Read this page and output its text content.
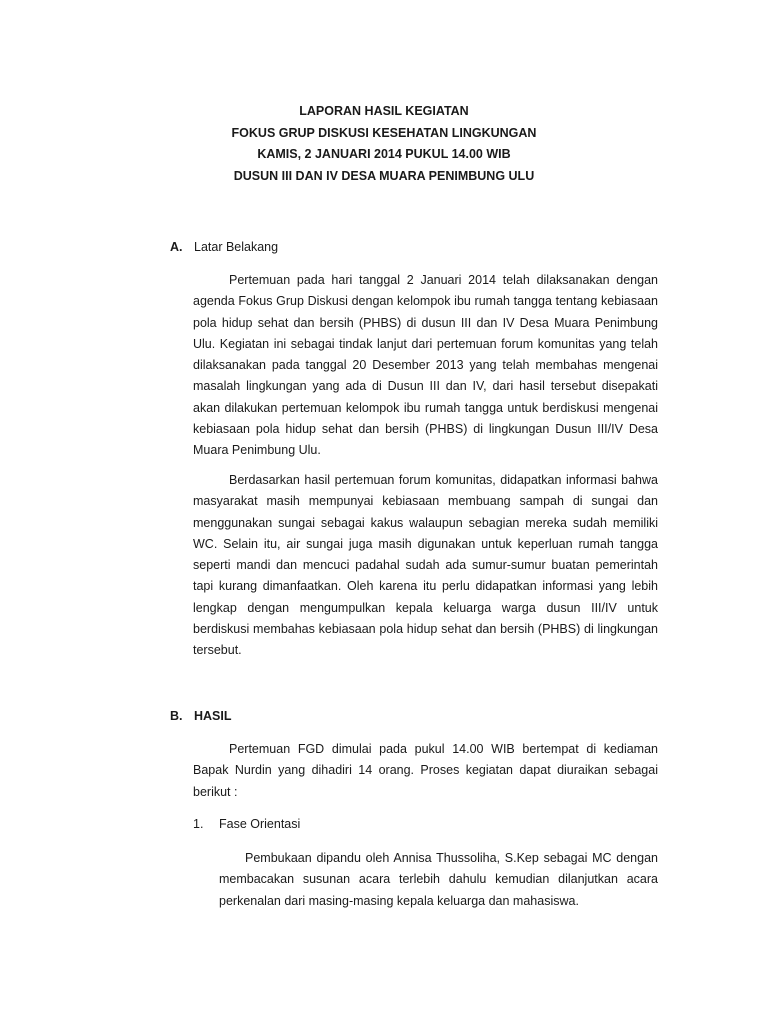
LAPORAN HASIL KEGIATAN
FOKUS GRUP DISKUSI KESEHATAN LINGKUNGAN
KAMIS, 2 JANUARI 2014 PUKUL 14.00 WIB
DUSUN III DAN IV DESA MUARA PENIMBUNG ULU
A. Latar Belakang
Pertemuan pada hari tanggal 2 Januari 2014 telah dilaksanakan dengan agenda Fokus Grup Diskusi dengan kelompok ibu rumah tangga tentang kebiasaan pola hidup sehat dan bersih (PHBS) di dusun III dan IV Desa Muara Penimbung Ulu. Kegiatan ini sebagai tindak lanjut dari pertemuan forum komunitas yang telah dilaksanakan pada tanggal 20 Desember 2013 yang telah membahas mengenai masalah lingkungan yang ada di Dusun III dan IV, dari hasil tersebut disepakati akan dilakukan pertemuan kelompok ibu rumah tangga untuk berdiskusi mengenai kebiasaan pola hidup sehat dan bersih (PHBS) di lingkungan Dusun III/IV Desa Muara Penimbung Ulu.
Berdasarkan hasil pertemuan forum komunitas, didapatkan informasi bahwa masyarakat masih mempunyai kebiasaan membuang sampah di sungai dan menggunakan sungai sebagai kakus walaupun sebagian mereka sudah memiliki WC. Selain itu, air sungai juga masih digunakan untuk keperluan rumah tangga seperti mandi dan mencuci padahal sudah ada sumur-sumur buatan pemerintah tapi kurang dimanfaatkan. Oleh karena itu perlu didapatkan informasi yang lebih lengkap dengan mengumpulkan kepala keluarga warga dusun III/IV untuk berdiskusi membahas kebiasaan pola hidup sehat dan bersih (PHBS) di lingkungan tersebut.
B. HASIL
Pertemuan FGD dimulai pada pukul 14.00 WIB bertempat di kediaman Bapak Nurdin yang dihadiri 14 orang. Proses kegiatan dapat diuraikan sebagai berikut :
1. Fase Orientasi
Pembukaan dipandu oleh Annisa Thussoliha, S.Kep sebagai MC dengan membacakan susunan acara terlebih dahulu kemudian dilanjutkan acara perkenalan dari masing-masing kepala keluarga dan mahasiswa.
